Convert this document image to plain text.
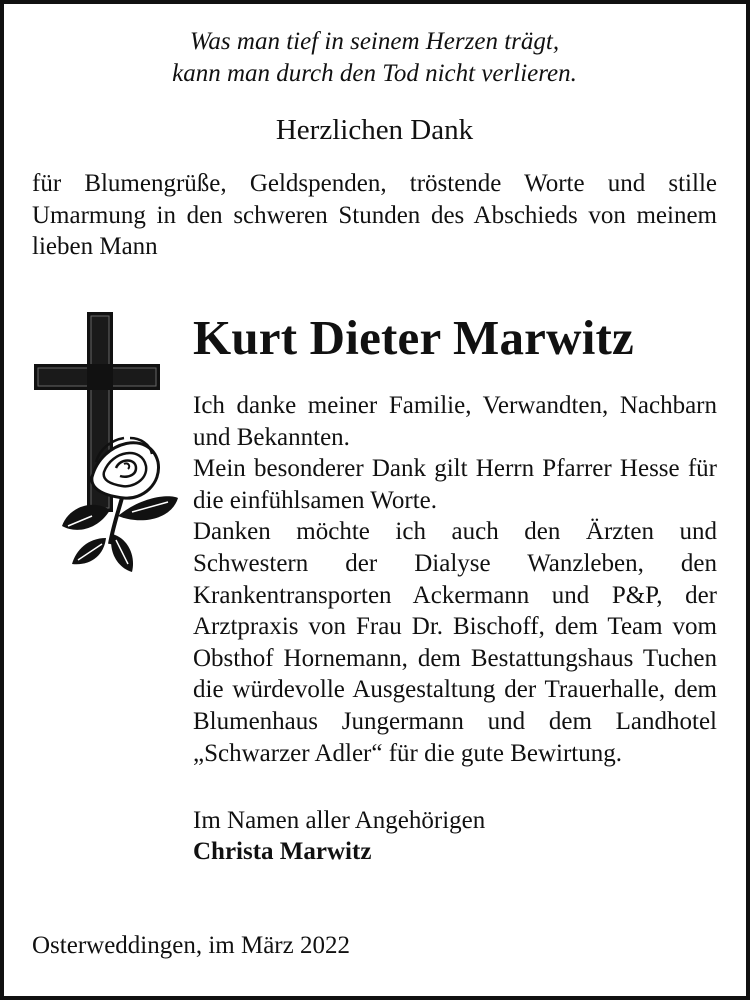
Was man tief in seinem Herzen trägt,
kann man durch den Tod nicht verlieren.

Herzlichen Dank
für Blumengrüße, Geldspenden, tröstende Worte und stille Umarmung in den schweren Stunden des Abschieds von meinem lieben Mann
Kurt Dieter Marwitz

Ich danke meiner Familie, Verwandten, Nachbarn und Bekannten.

Mein besonderer Dank gilt Herrn Pfarrer Hesse für die einfühlsamen Worte.

Danken möchte ich auch den Ärzten und Schwestern der Dialyse Wanzleben, den Krankentransporten Ackermann und P&P, der Arztpraxis von Frau Dr. Bischoff, dem Team vom Obsthof Hornemann, dem Bestattungshaus Tuchen die würdevolle Ausgestaltung der Trauerhalle, dem Blumenhaus Jungermann und dem Landhotel „Schwarzer Adler“ für die gute Bewirtung.

Im Namen aller Angehörigen
Christa Marwitz
Osterweddingen, im März 2022
